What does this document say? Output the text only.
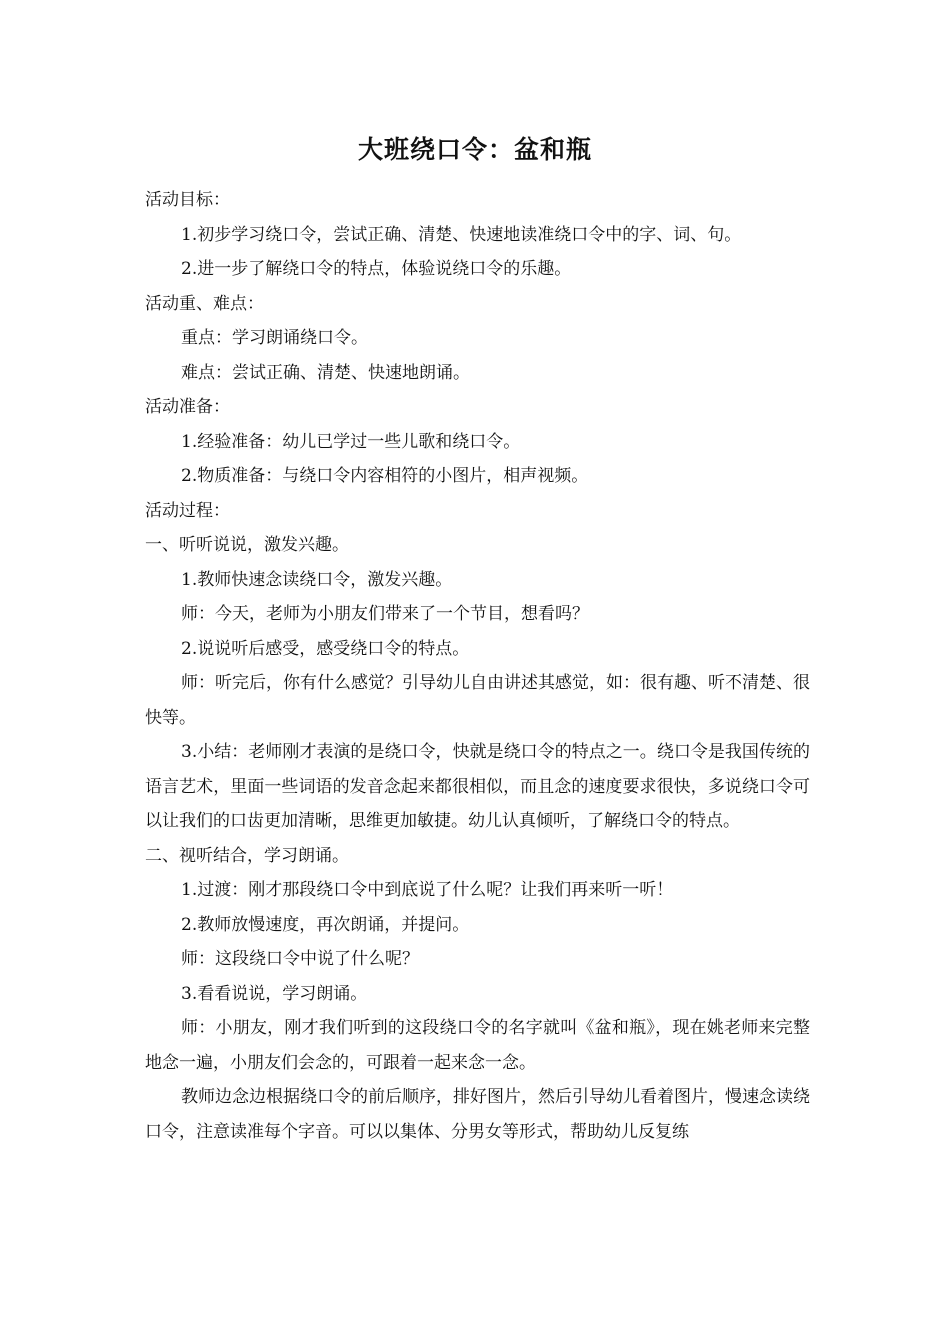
大班绕口令：盆和瓶

活动目标：

1.初步学习绕口令，尝试正确、清楚、快速地读准绕口令中的字、词、句。

2.进一步了解绕口令的特点，体验说绕口令的乐趣。

活动重、难点：

重点：学习朗诵绕口令。

难点：尝试正确、清楚、快速地朗诵。

活动准备：

1.经验准备：幼儿已学过一些儿歌和绕口令。

2.物质准备：与绕口令内容相符的小图片，相声视频。

活动过程：

一、听听说说，激发兴趣。

1.教师快速念读绕口令，激发兴趣。

师：今天，老师为小朋友们带来了一个节目，想看吗？

2.说说听后感受，感受绕口令的特点。

师：听完后，你有什么感觉？引导幼儿自由讲述其感觉，如：很有趣、听不清楚、很快等。

3.小结：老师刚才表演的是绕口令，快就是绕口令的特点之一。绕口令是我国传统的语言艺术，里面一些词语的发音念起来都很相似，而且念的速度要求很快，多说绕口令可以让我们的口齿更加清晰，思维更加敏捷。幼儿认真倾听，了解绕口令的特点。

二、视听结合，学习朗诵。

1.过渡：刚才那段绕口令中到底说了什么呢？让我们再来听一听！

2.教师放慢速度，再次朗诵，并提问。

师：这段绕口令中说了什么呢？

3.看看说说，学习朗诵。

师：小朋友，刚才我们听到的这段绕口令的名字就叫《盆和瓶》，现在姚老师来完整地念一遍，小朋友们会念的，可跟着一起来念一念。

教师边念边根据绕口令的前后顺序，排好图片，然后引导幼儿看着图片，慢速念读绕口令，注意读准每个字音。可以以集体、分男女等形式，帮助幼儿反复练
